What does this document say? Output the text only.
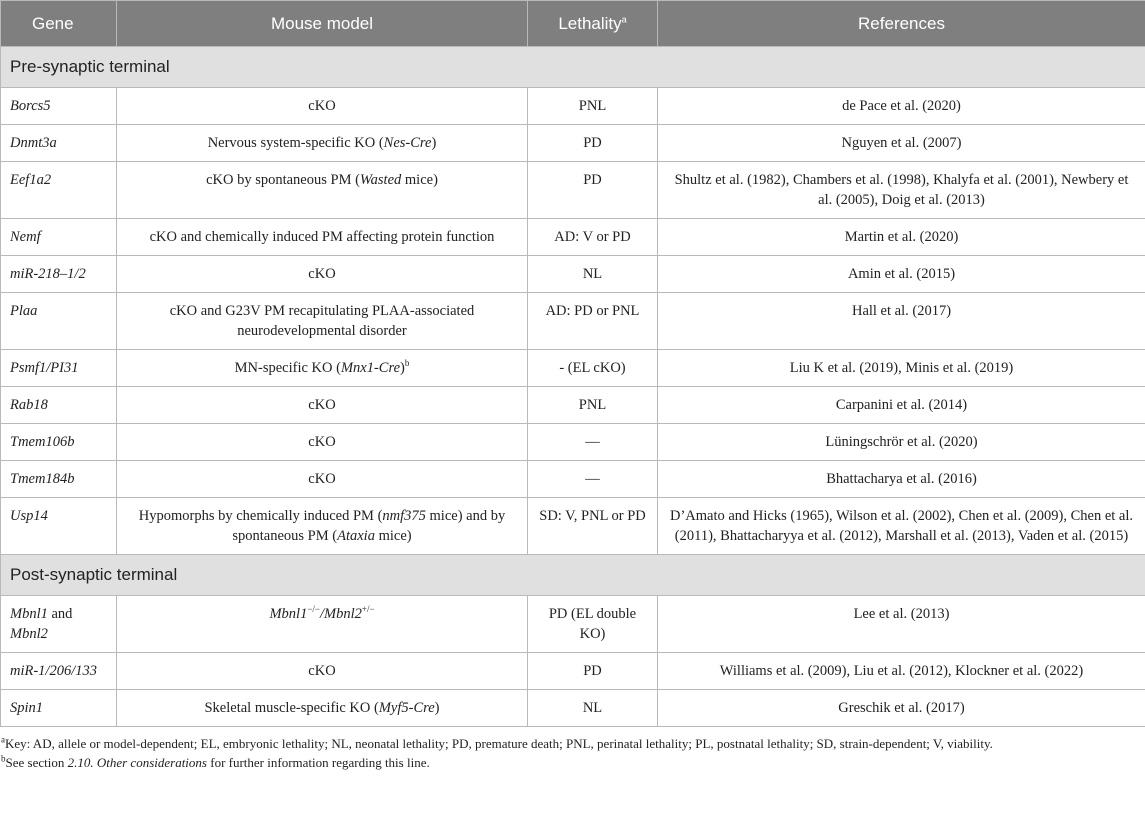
Gene	Mouse model	Lethality$^a$	References
Pre-synaptic terminal			
Borcs5	cKO	PNL	de Pace et al. (2020)
Dnmt3a	Nervous system-specific KO (Nes-Cre)	PD	Nguyen et al. (2007)
Eef1a2	cKO by spontaneous PM (Wasted mice)	PD	Shultz et al. (1982), Chambers et al. (1998), Khalyfa et al. (2001), Newbery et al. (2005), Doig et al. (2013)
Nemf	cKO and chemically induced PM affecting protein function	AD: V or PD	Martin et al. (2020)
miR-218–1/2	cKO	NL	Amin et al. (2015)
Plaa	cKO and G23V PM recapitulating PLAA-associated neurodevelopmental disorder	AD: PD or PNL	Hall et al. (2017)
Psmf1/PI31	MN-specific KO $(Mnx1-Cre)^b$	- (EL cKO)	Liu K et al. (2019), Minis et al. (2019)
Rab18	cKO	PNL	Carpanini et al. (2014)
Tmem106b	cKO	—	Lüningschrör et al. (2020)
Tmem184b	cKO	—	Bhattacharya et al. (2016)
Usp14	Hypomorphs by chemically induced PM (nmf375 mice) and by spontaneous PM (Ataxia mice)	SD: V, PNL or PD	D’Amato and Hicks (1965), Wilson et al. (2002), Chen et al. (2009), Chen et al. (2011), Bhattacharyya et al. (2012), Marshall et al. (2013), Vaden et al. (2015)
Post-synaptic terminal			
Mbnl1 and Mbnl2	Mbnl1−/−/Mbnl2+/−	PD (EL double KO)	Lee et al. (2013)
miR-1/206/133	cKO	PD	Williams et al. (2009), Liu et al. (2012), Klockner et al. (2022)
Spin1	Skeletal muscle-specific KO (Myf5-Cre)	NL	Greschik et al. (2017)
$^a$Key: AD, allele or model-dependent; EL, embryonic lethality; NL, neonatal lethality; PD, premature death; PNL, perinatal lethality; PL, postnatal lethality; SD, strain-dependent; V, viability.
$^b$See section 2.10. Other considerations for further information regarding this line.
